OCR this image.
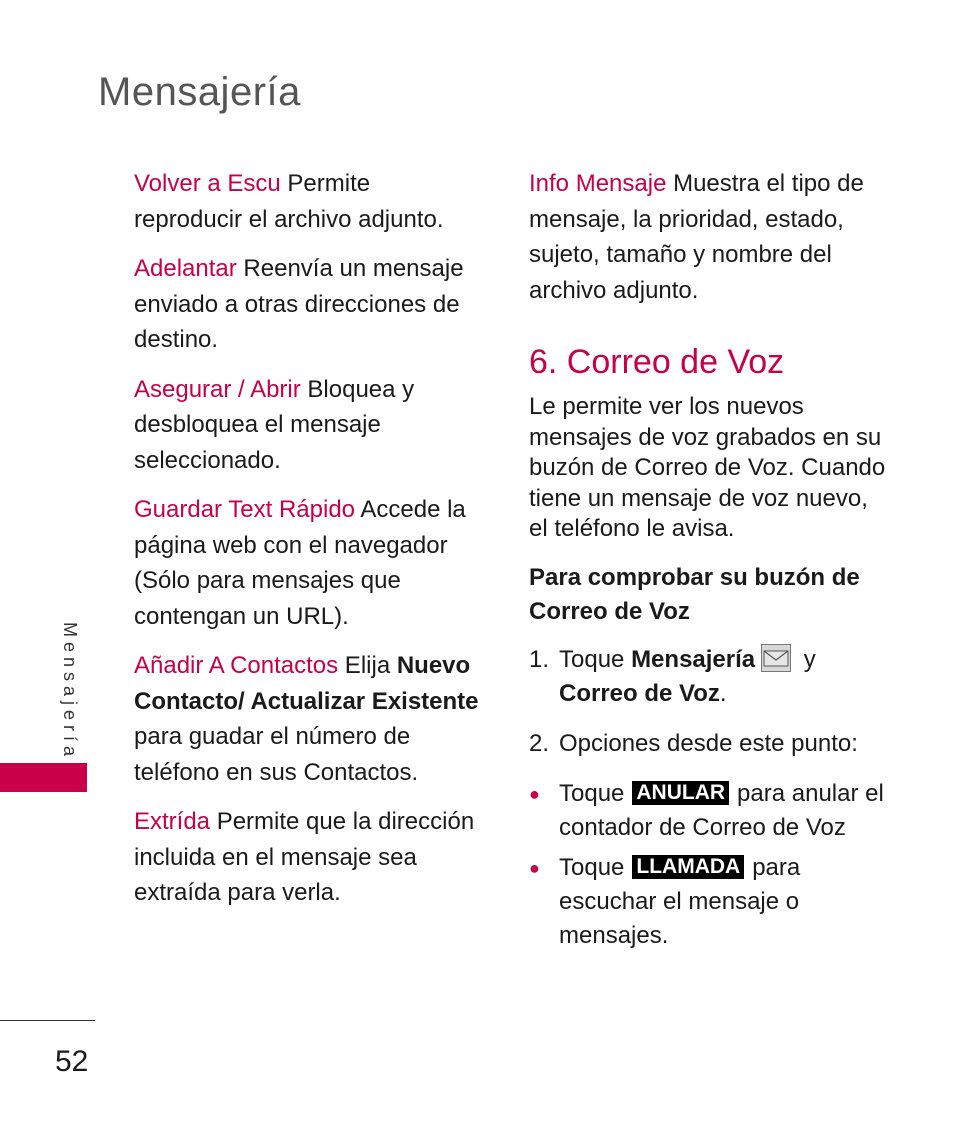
Mensajería

Volver a Escu Permite reproducir el archivo adjunto.

Adelantar Reenvía un mensaje enviado a otras direcciones de destino.

Asegurar / Abrir Bloquea y desbloquea el mensaje seleccionado.

Guardar Text Rápido Accede la página web con el navegador (Sólo para mensajes que contengan un URL).

Añadir A Contactos Elija Nuevo Contacto/ Actualizar Existente para guadar el número de teléfono en sus Contactos.

Extrída Permite que la dirección incluida en el mensaje sea extraída para verla.

Info Mensaje Muestra el tipo de mensaje, la prioridad, estado, sujeto, tamaño y nombre del archivo adjunto.

6. Correo de Voz

Le permite ver los nuevos mensajes de voz grabados en su buzón de Correo de Voz. Cuando tiene un mensaje de voz nuevo, el teléfono le avisa.

Para comprobar su buzón de Correo de Voz

1. Toque Mensajería
y
Correo de Voz.
2. Opciones desde este punto:
● Toque ANULAR para anular el contador de Correo de Voz
● Toque LLAMADA para escuchar el mensaje o mensajes.
Mensajería
52
